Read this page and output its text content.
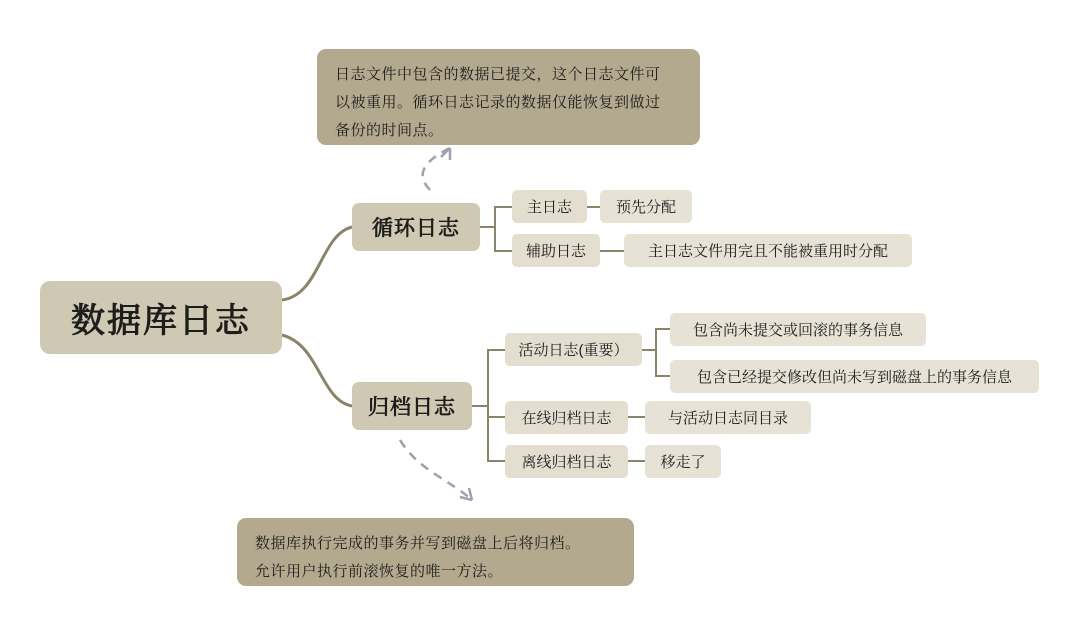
数据库日志
循环日志
主日志	预先分配
辅助日志	主日志文件用完且不能被重用时分配
归档日志
活动日志(重要）
包含尚未提交或回滚的事务信息
包含已经提交修改但尚未写到磁盘上的事务信息
在线归档日志	与活动日志同目录
离线归档日志	移走了
日志文件中包含的数据已提交，这个日志文件可
以被重用。循环日志记录的数据仅能恢复到做过
备份的时间点。
数据库执行完成的事务并写到磁盘上后将归档。
允许用户执行前滚恢复的唯一方法。
